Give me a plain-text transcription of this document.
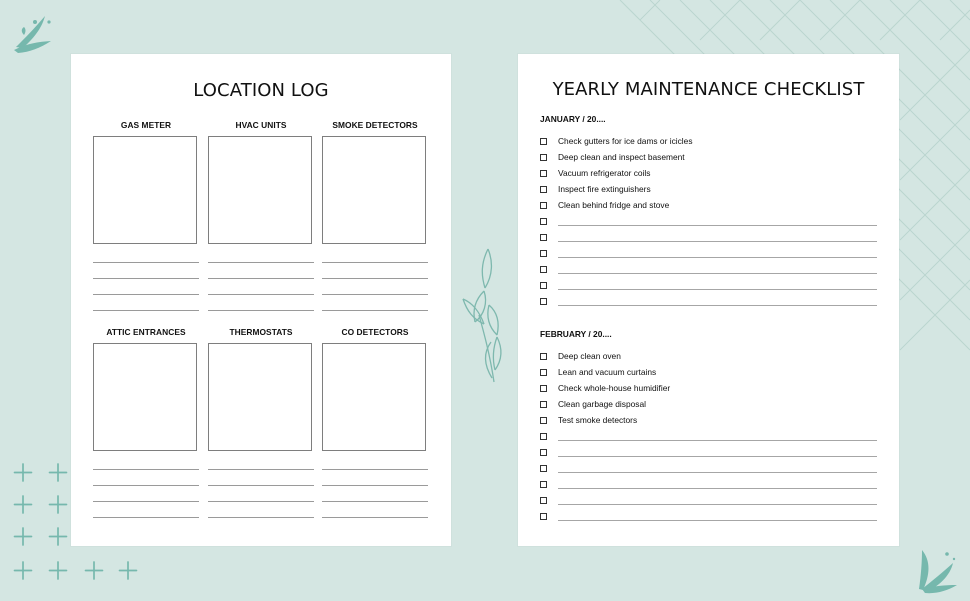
LOCATION LOG
GAS METER	HVAC UNITS	SMOKE DETECTORS
ATTIC ENTRANCES	THERMOSTATS	CO DETECTORS
YEARLY MAINTENANCE CHECKLIST
JANUARY / 20....
Check gutters for ice dams or icicles
Deep clean and inspect basement
Vacuum refrigerator coils
Inspect fire extinguishers
Clean behind fridge and stove
FEBRUARY / 20....
Deep clean oven
Lean and vacuum curtains
Check whole-house humidifier
Clean garbage disposal
Test smoke detectors
